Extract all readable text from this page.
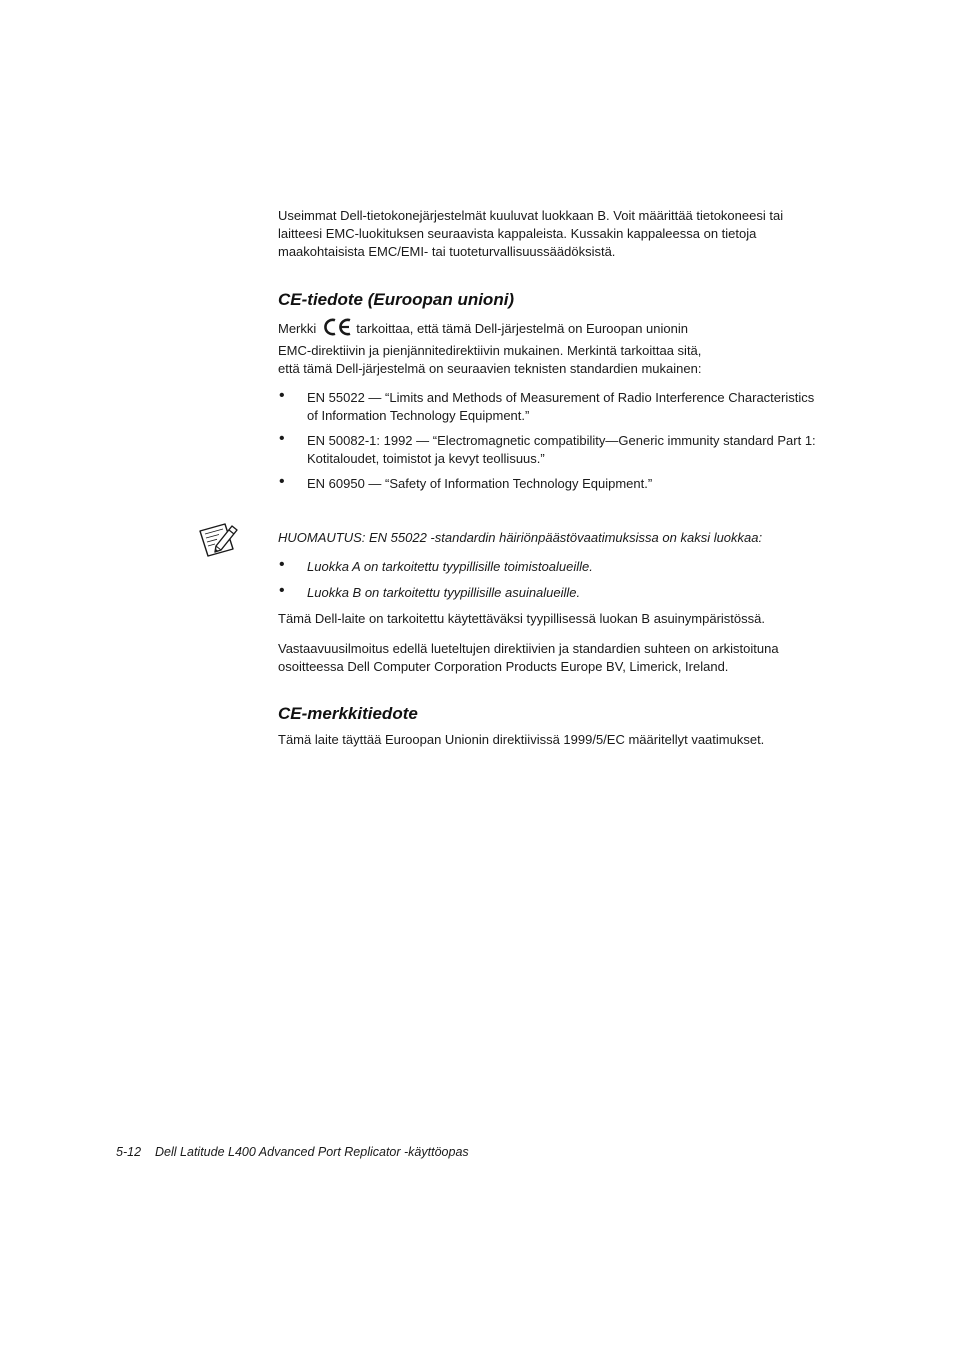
Useimmat Dell-tietokonejärjestelmät kuuluvat luokkaan B. Voit määrittää tietokoneesi tai laitteesi EMC-luokituksen seuraavista kappaleista. Kussakin kappaleessa on tietoja maakohtaisista EMC/EMI- tai tuoteturvallisuussäädöksistä.

CE-tiedote (Euroopan unioni)

Merkki	tarkoittaa, että tämä Dell-järjestelmä on Euroopan unionin
EMC-direktiivin ja pienjännitedirektiivin mukainen. Merkintä tarkoittaa sitä,
että tämä Dell-järjestelmä on seuraavien teknisten standardien mukainen:

• EN 55022 — “Limits and Methods of Measurement of Radio Interference Characteristics of Information Technology Equipment.”
• EN 50082-1: 1992 — “Electromagnetic compatibility—Generic immunity standard Part 1: Kotitaloudet, toimistot ja kevyt teollisuus.”
• EN 60950 — “Safety of Information Technology Equipment.”

HUOMAUTUS: EN 55022 -standardin häiriönpäästövaatimuksissa on kaksi luokkaa:

• Luokka A on tarkoitettu tyypillisille toimistoalueille.
• Luokka B on tarkoitettu tyypillisille asuinalueille.

Tämä Dell-laite on tarkoitettu käytettäväksi tyypillisessä luokan B asuinympäristössä.

Vastaavuusilmoitus edellä lueteltujen direktiivien ja standardien suhteen on arkistoituna osoitteessa Dell Computer Corporation Products Europe BV, Limerick, Ireland.

CE-merkkitiedote

Tämä laite täyttää Euroopan Unionin direktiivissä 1999/5/EC määritellyt vaatimukset.

5-12 Dell Latitude L400 Advanced Port Replicator -käyttöopas
